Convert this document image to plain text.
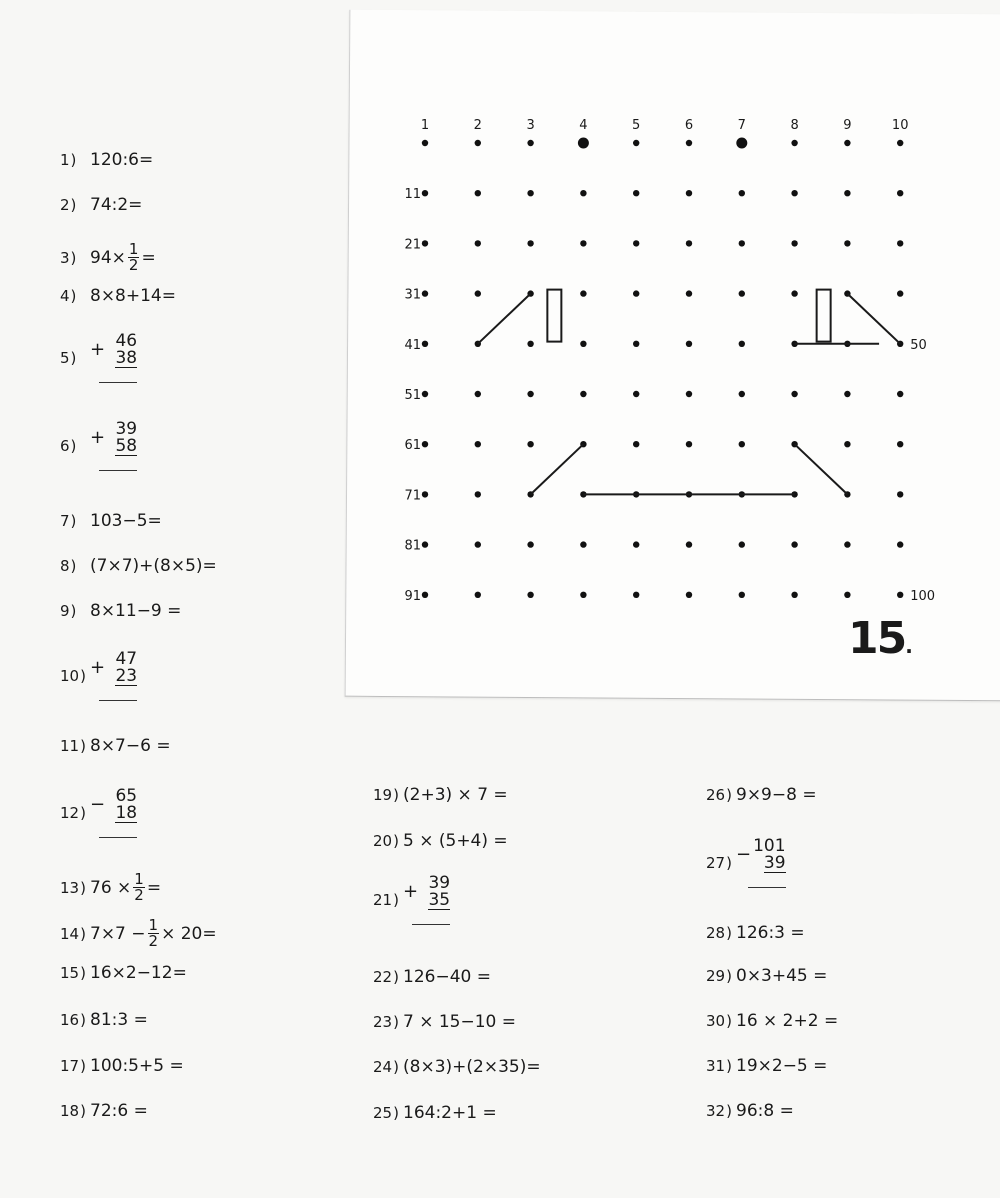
1	2	3	4	5	6	7	8	9	10
11
21
31
41
51
61
71
81
91
50
100
15.
1 )	120:6=
2 )	74:2=
3 )	$94\times \frac{1}{2}$ =
4 )	8×8+14=
5 )	+ 46
38
6 )	+ 39
58
7 )	103−5=
8 )	(7×7)+(8×5)=
9 )	8×11−9 =
10 ) + 47
23
11 ) 8×7−6 =
12 ) − 65
18
13 ) $76 \times \frac{1}{2}$ =
14 ) $7\times 7 - \frac{1}{2} \times 20=$
15 ) 16×2−12=
16 ) 81:3 =
17 ) 100:5+5 =
18 ) 72:6 =
19 ) (2+3) × 7 =
20 ) 5 × (5+4) =
21 ) + 39
35
22 ) 126−40 =
23 ) 7 × 15−10 =
24 ) (8×3)+(2×35)=
25 ) 164:2+1 =
26 ) 9×9−8 =
27 ) − 101
39
28 ) 126:3 =
29 ) 0×3+45 =
30 ) 16 × 2+2 =
31 ) 19×2−5 =
32 ) 96:8 =
